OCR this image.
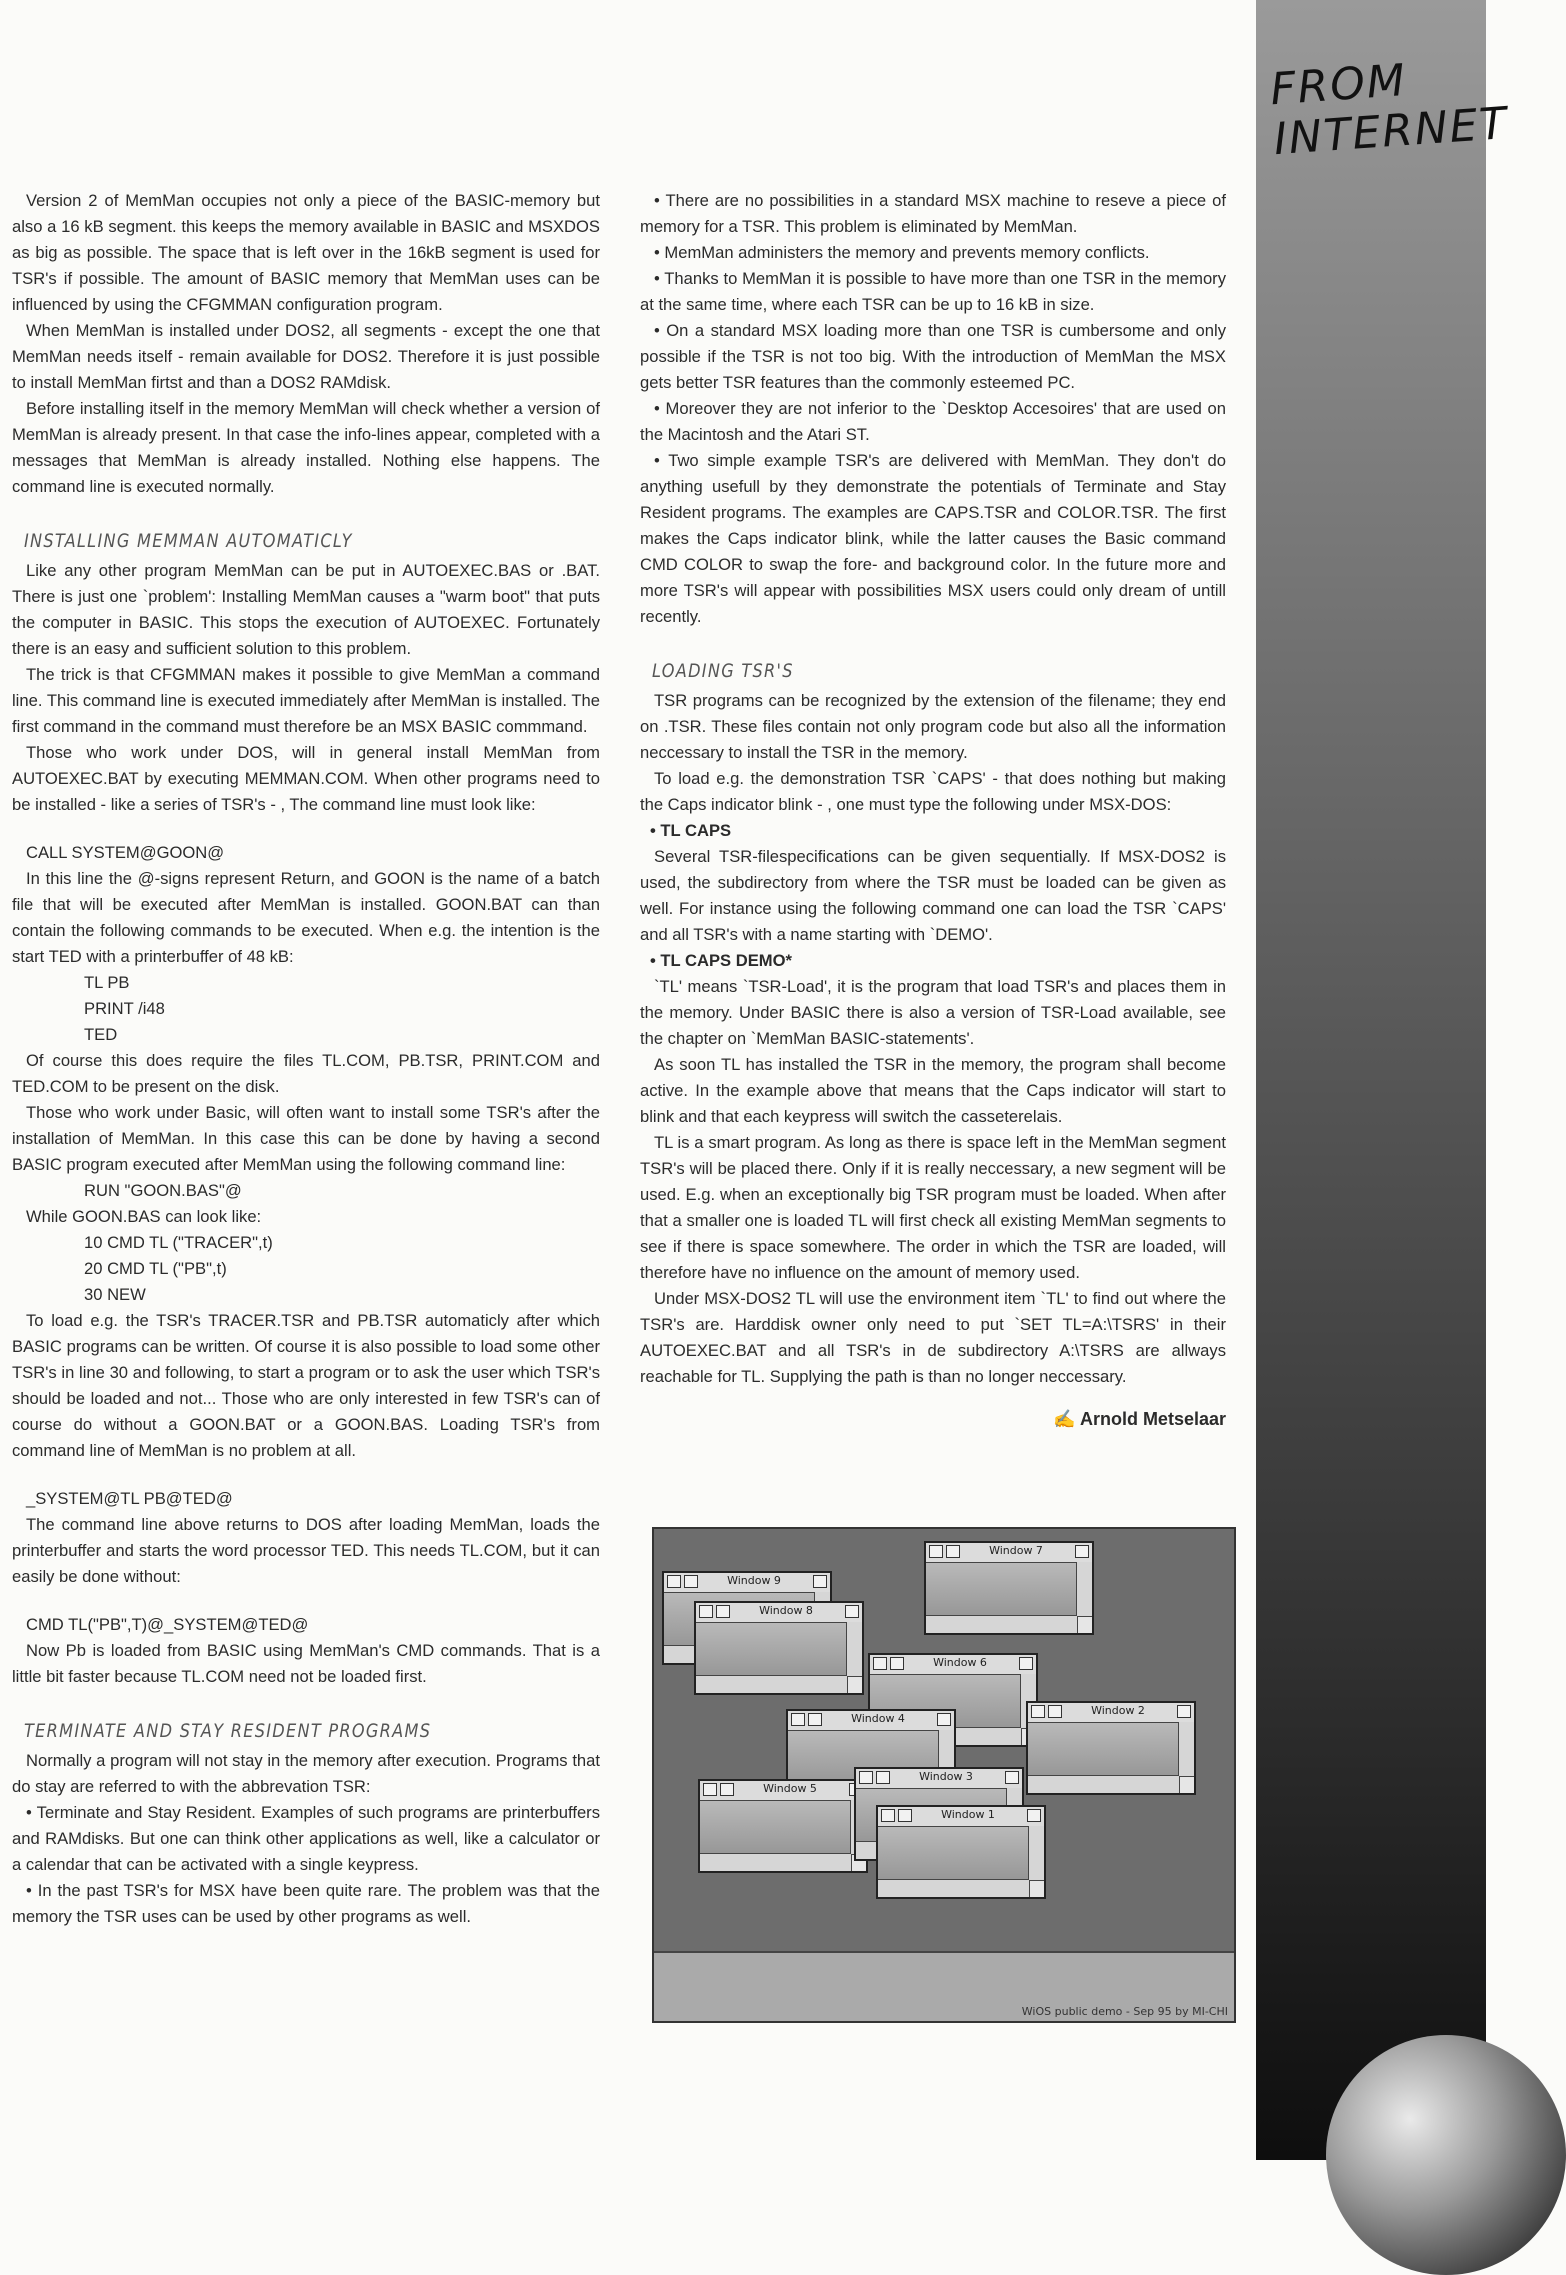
FROM
INTERNET

Version 2 of MemMan occupies not only a piece of the BASIC-memory but also a 16 kB segment. this keeps the memory available in BASIC and MSXDOS as big as possible. The space that is left over in the 16kB segment is used for TSR's if possible. The amount of BASIC memory that MemMan uses can be influenced by using the CFGMMAN configuration program.

When MemMan is installed under DOS2, all segments - except the one that MemMan needs itself - remain available for DOS2. Therefore it is just possible to install MemMan firtst and than a DOS2 RAMdisk.

Before installing itself in the memory MemMan will check whether a version of MemMan is already present. In that case the info-lines appear, completed with a messages that MemMan is already installed. Nothing else happens. The command line is executed normally.

INSTALLING MEMMAN AUTOMATICLY

Like any other program MemMan can be put in AUTOEXEC.BAS or .BAT. There is just one `problem': Installing MemMan causes a "warm boot" that puts the computer in BASIC. This stops the execution of AUTOEXEC. Fortunately there is an easy and sufficient solution to this problem.

The trick is that CFGMMAN makes it possible to give MemMan a command line. This command line is executed immediately after MemMan is installed. The first command in the command must therefore be an MSX BASIC commmand.

Those who work under DOS, will in general install MemMan from AUTOEXEC.BAT by executing MEMMAN.COM. When other programs need to be installed - like a series of TSR's - , The command line must look like:

CALL SYSTEM@GOON@

In this line the @-signs represent Return, and GOON is the name of a batch file that will be executed after MemMan is installed. GOON.BAT can than contain the following commands to be executed. When e.g. the intention is the start TED with a printerbuffer of 48 kB:

TL PB

PRINT /i48

TED

Of course this does require the files TL.COM, PB.TSR, PRINT.COM and TED.COM to be present on the disk.

Those who work under Basic, will often want to install some TSR's after the installation of MemMan. In this case this can be done by having a second BASIC program executed after MemMan using the following command line:

RUN "GOON.BAS"@

While GOON.BAS can look like:

10 CMD TL ("TRACER",t)

20 CMD TL ("PB",t)

30 NEW

To load e.g. the TSR's TRACER.TSR and PB.TSR automaticly after which BASIC programs can be written. Of course it is also possible to load some other TSR's in line 30 and following, to start a program or to ask the user which TSR's should be loaded and not... Those who are only interested in few TSR's can of course do without a GOON.BAT or a GOON.BAS. Loading TSR's from command line of MemMan is no problem at all.

_SYSTEM@TL PB@TED@

The command line above returns to DOS after loading MemMan, loads the printerbuffer and starts the word processor TED. This needs TL.COM, but it can easily be done without:

CMD TL("PB",T)@_SYSTEM@TED@

Now Pb is loaded from BASIC using MemMan's CMD commands. That is a little bit faster because TL.COM need not be loaded first.

TERMINATE AND STAY RESIDENT PROGRAMS

Normally a program will not stay in the memory after execution. Programs that do stay are referred to with the abbrevation TSR:

• Terminate and Stay Resident. Examples of such programs are printerbuffers and RAMdisks. But one can think other applications as well, like a calculator or a calendar that can be activated with a single keypress.

• In the past TSR's for MSX have been quite rare. The problem was that the memory the TSR uses can be used by other programs as well.

• There are no possibilities in a standard MSX machine to reseve a piece of memory for a TSR. This problem is eliminated by MemMan.

• MemMan administers the memory and prevents memory conflicts.

• Thanks to MemMan it is possible to have more than one TSR in the memory at the same time, where each TSR can be up to 16 kB in size.

• On a standard MSX loading more than one TSR is cumbersome and only possible if the TSR is not too big. With the introduction of MemMan the MSX gets better TSR features than the commonly esteemed PC.

• Moreover they are not inferior to the `Desktop Accesoires' that are used on the Macintosh and the Atari ST.

• Two simple example TSR's are delivered with MemMan. They don't do anything usefull by they demonstrate the potentials of Terminate and Stay Resident programs. The examples are CAPS.TSR and COLOR.TSR. The first makes the Caps indicator blink, while the latter causes the Basic command CMD COLOR to swap the fore- and background color. In the future more and more TSR's will appear with possibilities MSX users could only dream of untill recently.

LOADING TSR'S

TSR programs can be recognized by the extension of the filename; they end on .TSR. These files contain not only program code but also all the information neccessary to install the TSR in the memory.

To load e.g. the demonstration TSR `CAPS' - that does nothing but making the Caps indicator blink - , one must type the following under MSX-DOS:

• TL CAPS

Several TSR-filespecifications can be given sequentially. If MSX-DOS2 is used, the subdirectory from where the TSR must be loaded can be given as well. For instance using the following command one can load the TSR `CAPS' and all TSR's with a name starting with `DEMO'.

• TL CAPS DEMO*

`TL' means `TSR-Load', it is the program that load TSR's and places them in the memory. Under BASIC there is also a version of TSR-Load available, see the chapter on `MemMan BASIC-statements'.

As soon TL has installed the TSR in the memory, the program shall become active. In the example above that means that the Caps indicator will start to blink and that each keypress will switch the casseterelais.

TL is a smart program. As long as there is space left in the MemMan segment TSR's will be placed there. Only if it is really neccessary, a new segment will be used. E.g. when an exceptionally big TSR program must be loaded. When after that a smaller one is loaded TL will first check all existing MemMan segments to see if there is space somewhere. The order in which the TSR are loaded, will therefore have no influence on the amount of memory used.

Under MSX-DOS2 TL will use the environment item `TL' to find out where the TSR's are. Harddisk owner only need to put `SET TL=A:\TSRS' in their AUTOEXEC.BAT and all TSR's in de subdirectory A:\TSRS are allways reachable for TL. Supplying the path is than no longer neccessary.

✍ Arnold Metselaar
Window 7
Window 9
Window 6
Window 8
Window 2
Window 4
Window 5
Window 3
Window 1
WiOS public demo - Sep 95 by MI-CHI
